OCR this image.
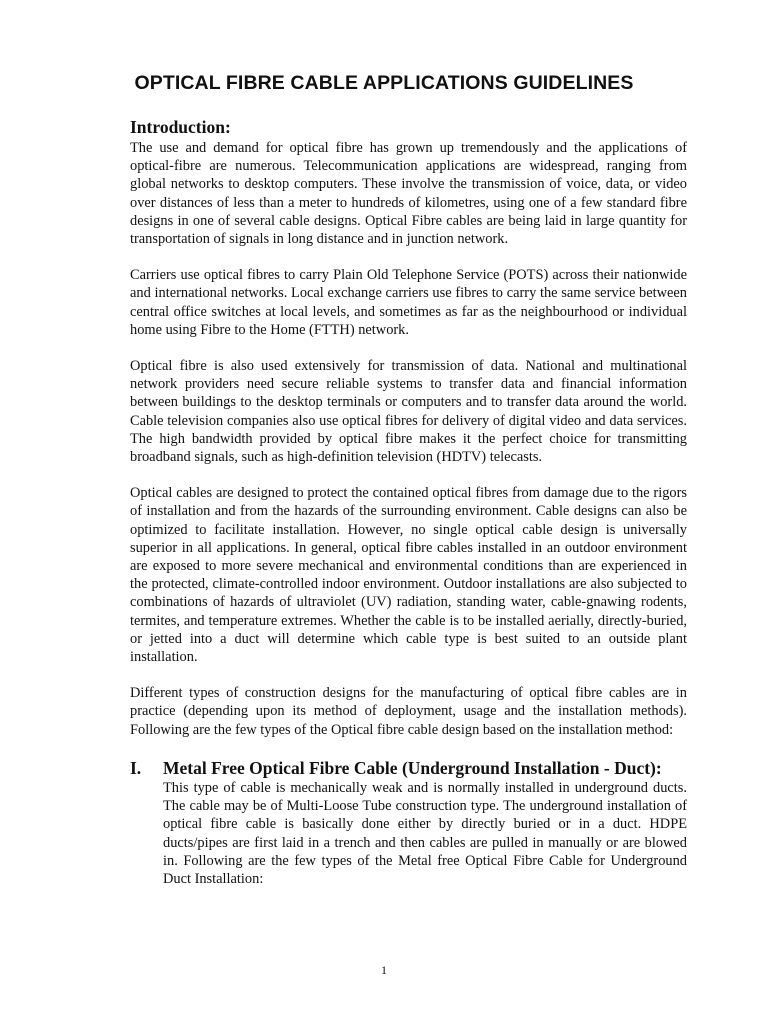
OPTICAL FIBRE CABLE APPLICATIONS GUIDELINES
Introduction:

The use and demand for optical fibre has grown up tremendously and the applications of optical-fibre are numerous. Telecommunication applications are widespread, ranging from global networks to desktop computers. These involve the transmission of voice, data, or video over distances of less than a meter to hundreds of kilometres, using one of a few standard fibre designs in one of several cable designs. Optical Fibre cables are being laid in large quantity for transportation of signals in long distance and in junction network.

Carriers use optical fibres to carry Plain Old Telephone Service (POTS) across their nationwide and international networks. Local exchange carriers use fibres to carry the same service between central office switches at local levels, and sometimes as far as the neighbourhood or individual home using Fibre to the Home (FTTH) network.

Optical fibre is also used extensively for transmission of data. National and multinational network providers need secure reliable systems to transfer data and financial information between buildings to the desktop terminals or computers and to transfer data around the world. Cable television companies also use optical fibres for delivery of digital video and data services. The high bandwidth provided by optical fibre makes it the perfect choice for transmitting broadband signals, such as high-definition television (HDTV) telecasts.

Optical cables are designed to protect the contained optical fibres from damage due to the rigors of installation and from the hazards of the surrounding environment. Cable designs can also be optimized to facilitate installation. However, no single optical cable design is universally superior in all applications. In general, optical fibre cables installed in an outdoor environment are exposed to more severe mechanical and environmental conditions than are experienced in the protected, climate-controlled indoor environment. Outdoor installations are also subjected to combinations of hazards of ultraviolet (UV) radiation, standing water, cable-gnawing rodents, termites, and temperature extremes. Whether the cable is to be installed aerially, directly-buried, or jetted into a duct will determine which cable type is best suited to an outside plant installation.

Different types of construction designs for the manufacturing of optical fibre cables are in practice (depending upon its method of deployment, usage and the installation methods). Following are the few types of the Optical fibre cable design based on the installation method:

I. Metal Free Optical Fibre Cable (Underground Installation - Duct):

This type of cable is mechanically weak and is normally installed in underground ducts. The cable may be of Multi-Loose Tube construction type. The underground installation of optical fibre cable is basically done either by directly buried or in a duct. HDPE ducts/pipes are first laid in a trench and then cables are pulled in manually or are blowed in. Following are the few types of the Metal free Optical Fibre Cable for Underground Duct Installation:

1
